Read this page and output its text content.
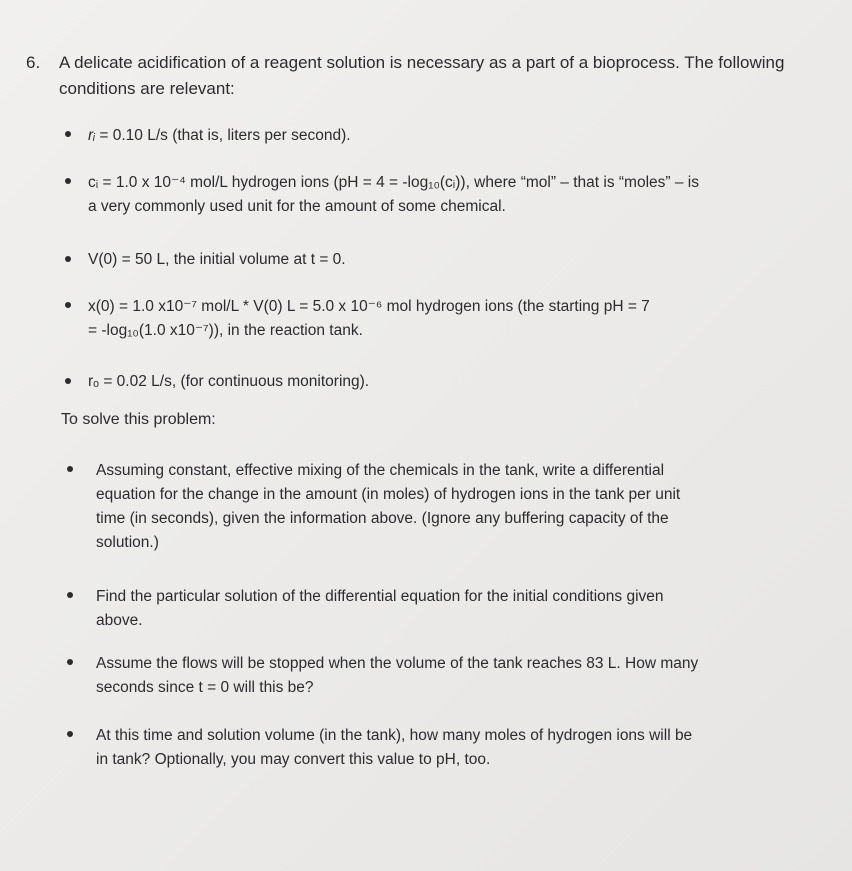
6. A delicate acidification of a reagent solution is necessary as a part of a bioprocess. The following conditions are relevant:
rᵢ = 0.10 L/s (that is, liters per second).
cᵢ = 1.0 x 10⁻⁴ mol/L hydrogen ions (pH = 4 = -log₁₀(cᵢ)), where “mol” – that is “moles” – is
a very commonly used unit for the amount of some chemical.
V(0) = 50 L, the initial volume at t = 0.
x(0) = 1.0 x10⁻⁷ mol/L * V(0) L = 5.0 x 10⁻⁶ mol hydrogen ions (the starting pH = 7
= -log₁₀(1.0 x10⁻⁷)), in the reaction tank.
rₒ = 0.02 L/s, (for continuous monitoring).
To solve this problem:
Assuming constant, effective mixing of the chemicals in the tank, write a differential
equation for the change in the amount (in moles) of hydrogen ions in the tank per unit
time (in seconds), given the information above. (Ignore any buffering capacity of the
solution.)
Find the particular solution of the differential equation for the initial conditions given
above.
Assume the flows will be stopped when the volume of the tank reaches 83 L. How many
seconds since t = 0 will this be?
At this time and solution volume (in the tank), how many moles of hydrogen ions will be
in tank? Optionally, you may convert this value to pH, too.
